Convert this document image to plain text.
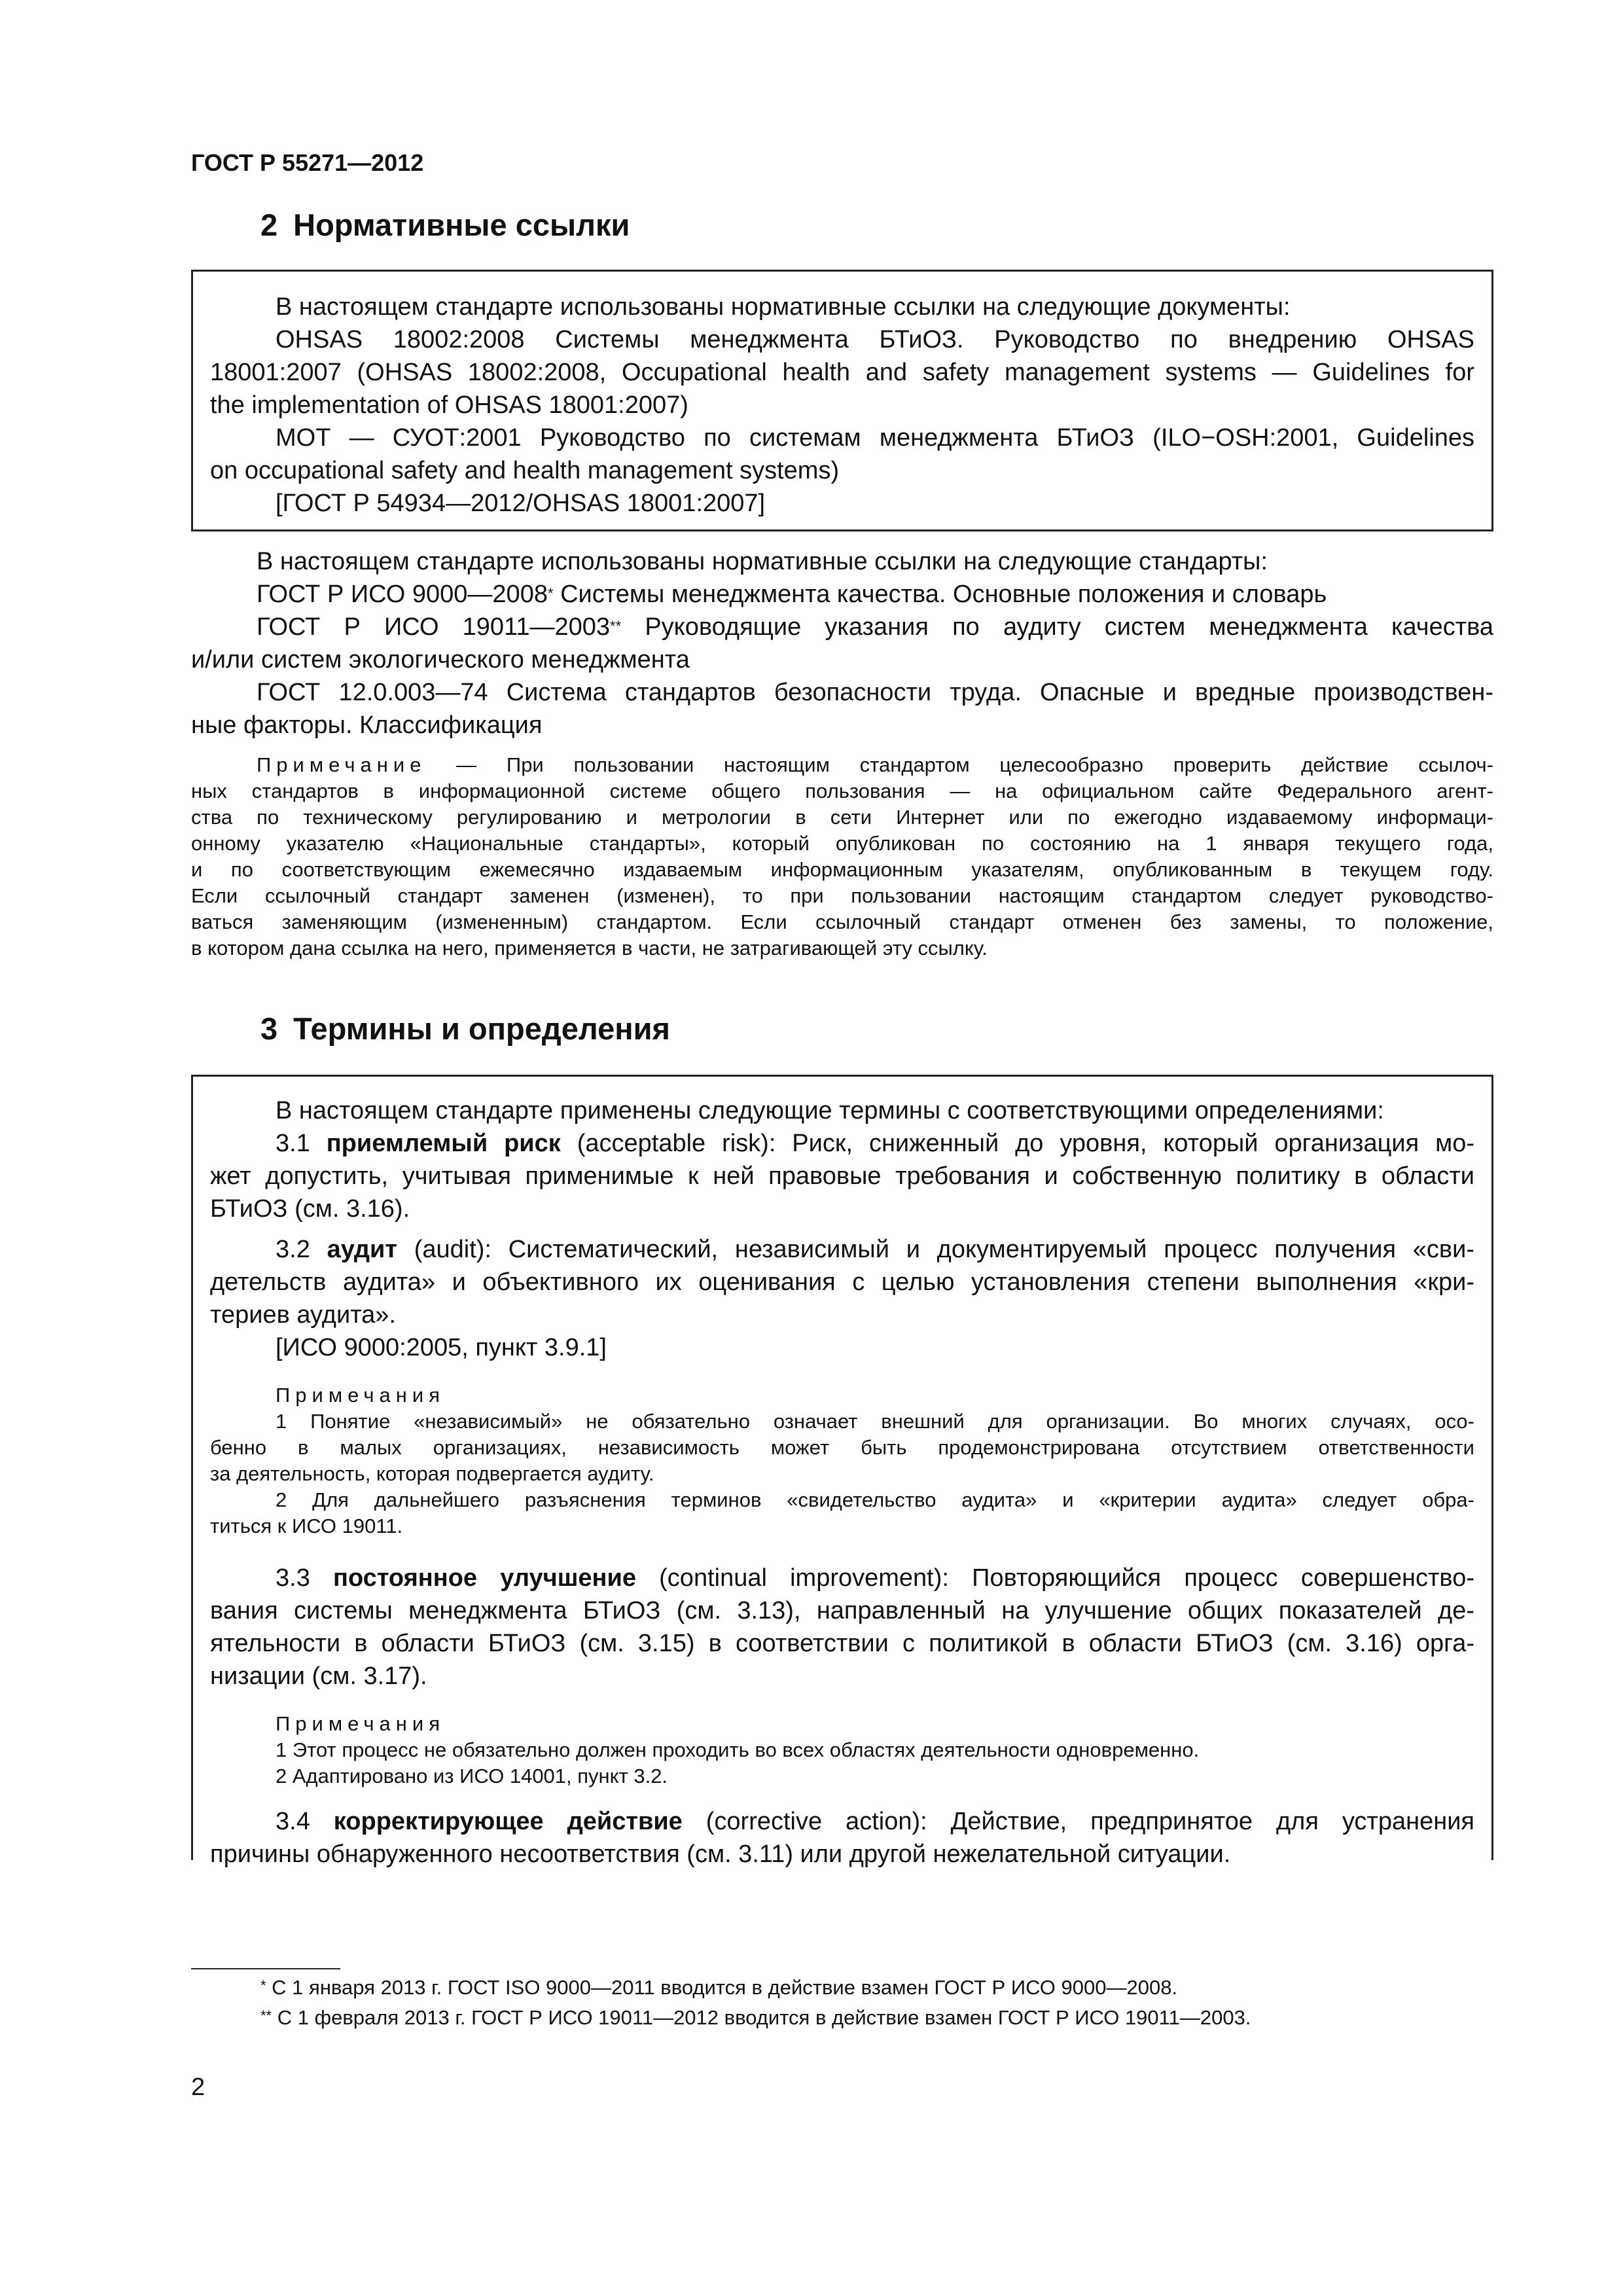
ГОСТ Р 55271—2012
2 Нормативные ссылки
В настоящем стандарте использованы нормативные ссылки на следующие документы:
OHSAS 18002:2008 Системы менеджмента БТиОЗ. Руководство по внедрению OHSAS
18001:2007 (OHSAS 18002:2008, Occupational health and safety management systems — Guidelines for
the implementation of OHSAS 18001:2007)
МОТ — СУОТ:2001 Руководство по системам менеджмента БТиОЗ (ILO−OSH:2001, Guidelines
on occupational safety and health management systems)
[ГОСТ Р 54934—2012/OHSAS 18001:2007]
В настоящем стандарте использованы нормативные ссылки на следующие стандарты:
ГОСТ Р ИСО 9000—2008* Системы менеджмента качества. Основные положения и словарь
ГОСТ Р ИСО 19011—2003** Руководящие указания по аудиту систем менеджмента качества
и/или систем экологического менеджмента
ГОСТ 12.0.003—74 Система стандартов безопасности труда. Опасные и вредные производствен-
ные факторы. Классификация
Примечание — При пользовании настоящим стандартом целесообразно проверить действие ссылоч-
ных стандартов в информационной системе общего пользования — на официальном сайте Федерального агент-
ства по техническому регулированию и метрологии в сети Интернет или по ежегодно издаваемому информаци-
онному указателю «Национальные стандарты», который опубликован по состоянию на 1 января текущего года,
и по соответствующим ежемесячно издаваемым информационным указателям, опубликованным в текущем году.
Если ссылочный стандарт заменен (изменен), то при пользовании настоящим стандартом следует руководство-
ваться заменяющим (измененным) стандартом. Если ссылочный стандарт отменен без замены, то положение,
в котором дана ссылка на него, применяется в части, не затрагивающей эту ссылку.
3 Термины и определения
В настоящем стандарте применены следующие термины с соответствующими определениями:
3.1 приемлемый риск (acceptable risk): Риск, сниженный до уровня, который организация мо-
жет допустить, учитывая применимые к ней правовые требования и собственную политику в области
БТиОЗ (см. 3.16).
3.2 аудит (audit): Систематический, независимый и документируемый процесс получения «сви-
детельств аудита» и объективного их оценивания с целью установления степени выполнения «кри-
териев аудита».
[ИСО 9000:2005, пункт 3.9.1]
Примечания
1 Понятие «независимый» не обязательно означает внешний для организации. Во многих случаях, осо-
бенно в малых организациях, независимость может быть продемонстрирована отсутствием ответственности
за деятельность, которая подвергается аудиту.
2 Для дальнейшего разъяснения терминов «свидетельство аудита» и «критерии аудита» следует обра-
титься к ИСО 19011.
3.3 постоянное улучшение (continual improvement): Повторяющийся процесс совершенство-
вания системы менеджмента БТиОЗ (см. 3.13), направленный на улучшение общих показателей де-
ятельности в области БТиОЗ (см. 3.15) в соответствии с политикой в области БТиОЗ (см. 3.16) орга-
низации (см. 3.17).
Примечания
1 Этот процесс не обязательно должен проходить во всех областях деятельности одновременно.
2 Адаптировано из ИСО 14001, пункт 3.2.
3.4 корректирующее действие (corrective action): Действие, предпринятое для устранения
причины обнаруженного несоответствия (см. 3.11) или другой нежелательной ситуации.
* С 1 января 2013 г. ГОСТ ISO 9000—2011 вводится в действие взамен ГОСТ Р ИСО 9000—2008.
** С 1 февраля 2013 г. ГОСТ Р ИСО 19011—2012 вводится в действие взамен ГОСТ Р ИСО 19011—2003.
2
